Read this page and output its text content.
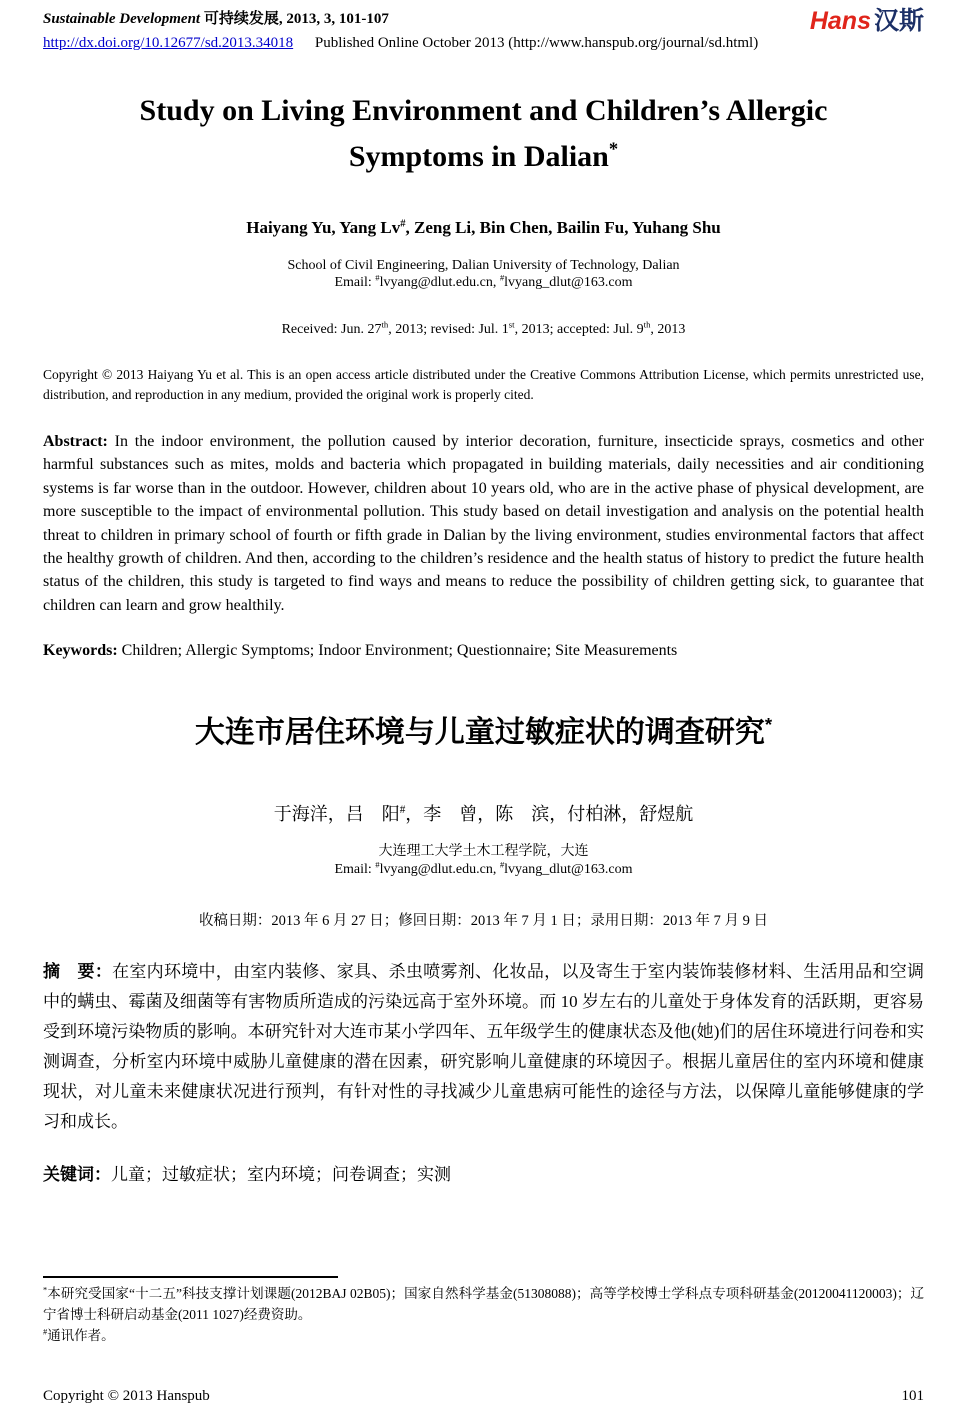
Sustainable Development 可持续发展, 2013, 3, 101-107
http://dx.doi.org/10.12677/sd.2013.34018 Published Online October 2013 (http://www.hanspub.org/journal/sd.html)
Hans 汉斯
Study on Living Environment and Children’s Allergic Symptoms in Dalian*
Haiyang Yu, Yang Lv#, Zeng Li, Bin Chen, Bailin Fu, Yuhang Shu
School of Civil Engineering, Dalian University of Technology, Dalian
Email: #lvyang@dlut.edu.cn, #lvyang_dlut@163.com
Received: Jun. 27th, 2013; revised: Jul. 1st, 2013; accepted: Jul. 9th, 2013

Copyright © 2013 Haiyang Yu et al. This is an open access article distributed under the Creative Commons Attribution License, which permits unrestricted use, distribution, and reproduction in any medium, provided the original work is properly cited.

Abstract: In the indoor environment, the pollution caused by interior decoration, furniture, insecticide sprays, cosmetics and other harmful substances such as mites, molds and bacteria which propagated in building materials, daily necessities and air conditioning systems is far worse than in the outdoor. However, children about 10 years old, who are in the active phase of physical development, are more susceptible to the impact of environmental pollution. This study based on detail investigation and analysis on the potential health threat to children in primary school of fourth or fifth grade in Dalian by the living environment, studies environmental factors that affect the healthy growth of children. And then, according to the children’s residence and the health status of history to predict the future health status of the children, this study is targeted to find ways and means to reduce the possibility of children getting sick, to guarantee that children can learn and grow healthily.

Keywords: Children; Allergic Symptoms; Indoor Environment; Questionnaire; Site Measurements

大连市居住环境与儿童过敏症状的调查研究*
于海洋，吕　阳#，李　曾，陈　滨，付柏淋，舒煜航
大连理工大学土木工程学院，大连
Email: #lvyang@dlut.edu.cn, #lvyang_dlut@163.com
收稿日期：2013 年 6 月 27 日；修回日期：2013 年 7 月 1 日；录用日期：2013 年 7 月 9 日

摘　要：在室内环境中，由室内装修、家具、杀虫喷雾剂、化妆品，以及寄生于室内装饰装修材料、生活用品和空调中的螨虫、霉菌及细菌等有害物质所造成的污染远高于室外环境。而 10 岁左右的儿童处于身体发育的活跃期，更容易受到环境污染物质的影响。本研究针对大连市某小学四年、五年级学生的健康状态及他(她)们的居住环境进行问卷和实测调查，分析室内环境中威胁儿童健康的潜在因素，研究影响儿童健康的环境因子。根据儿童居住的室内环境和健康现状，对儿童未来健康状况进行预判，有针对性的寻找减少儿童患病可能性的途径与方法，以保障儿童能够健康的学习和成长。

关键词：儿童；过敏症状；室内环境；问卷调查；实测

*本研究受国家“十二五”科技支撑计划课题(2012BAJ 02B05)；国家自然科学基金(51308088)；高等学校博士学科点专项科研基金(20120041120003)；辽宁省博士科研启动基金(2011 1027)经费资助。

#通讯作者。

Copyright © 2013 Hanspub	101
